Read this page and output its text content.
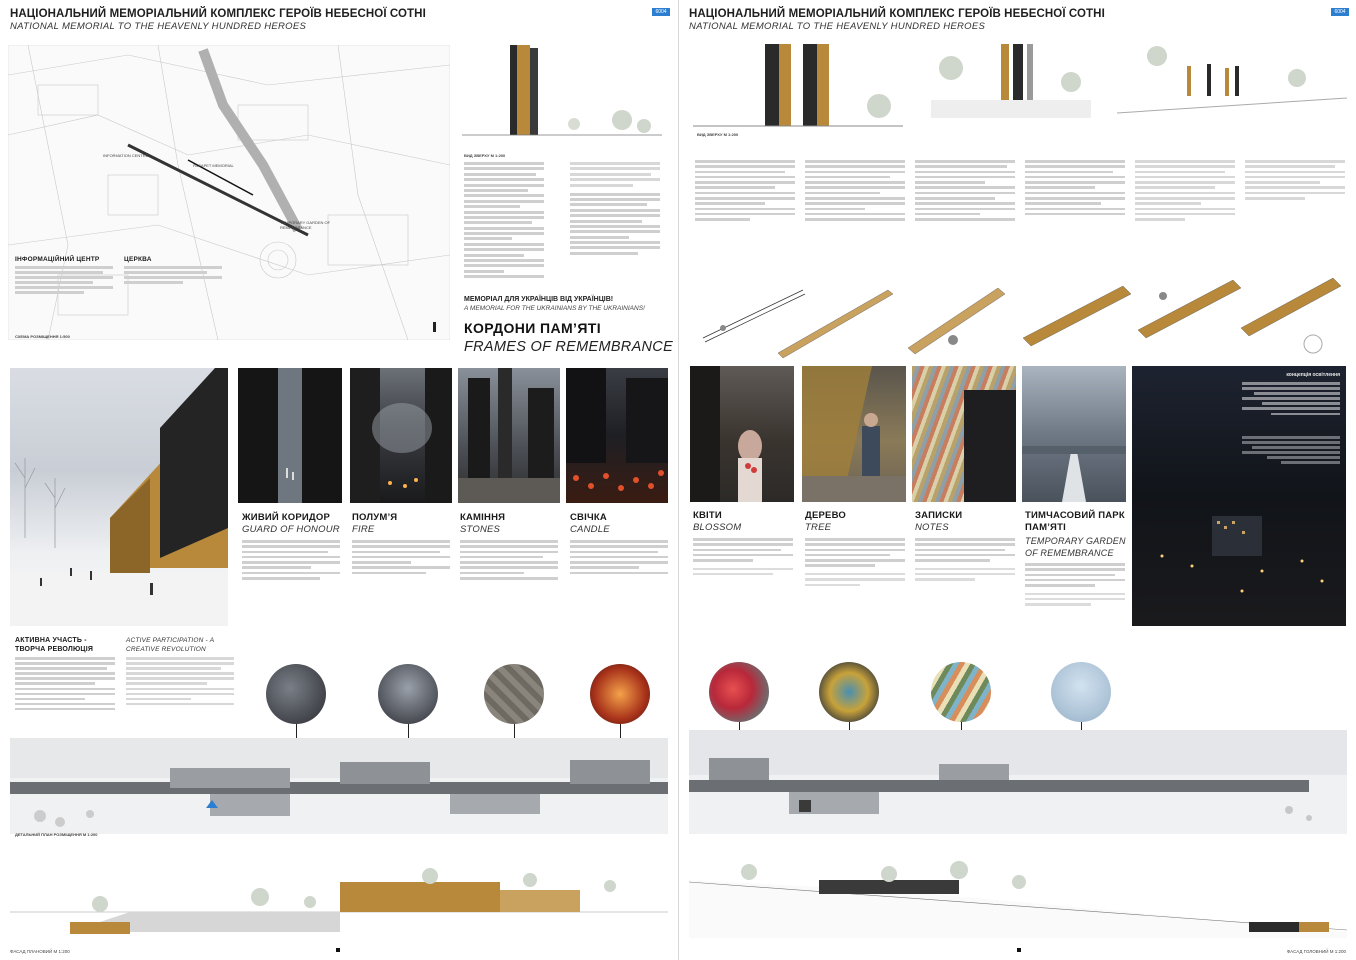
НАЦІОНАЛЬНИЙ МЕМОРІАЛЬНИЙ КОМПЛЕКС ГЕРОЇВ НЕБЕСНОЇ СОТНІ
NATIONAL MEMORIAL TO THE HEAVENLY HUNDRED HEROES
6004
INFORMATION CENTRE
PARAPET MEMORIAL
TEMPORARY GARDEN OF REMEMBRANCE
ІНФОРМАЦІЙНИЙ ЦЕНТР	ЦЕРКВА
СХЕМА РОЗМІЩЕННЯ 1:500
ВИД ЗВЕРХУ М 1:200
МЕМОРІАЛ ДЛЯ УКРАЇНЦІВ ВІД УКРАЇНЦІВ!
A MEMORIAL FOR THE UKRAINIANS BY THE UKRAINIANS!
КОРДОНИ ПАМ’ЯТІ
FRAMES OF REMEMBRANCE
ЖИВИЙ КОРИДОР
GUARD OF HONOUR
ПОЛУМ’Я
FIRE
КАМІННЯ
STONES
СВІЧКА
CANDLE
АКТИВНА УЧАСТЬ - ТВОРЧА РЕВОЛЮЦІЯ
ACTIVE PARTICIPATION - A CREATIVE REVOLUTION
ДЕТАЛЬНИЙ ПЛАН РОЗМІЩЕННЯ М 1:200
ФАСАД ПЛАНОВИЙ М 1:200
НАЦІОНАЛЬНИЙ МЕМОРІАЛЬНИЙ КОМПЛЕКС ГЕРОЇВ НЕБЕСНОЇ СОТНІ
NATIONAL MEMORIAL TO THE HEAVENLY HUNDRED HEROES
6004
ВИД ЗВЕРХУ М 1:200
концепція освітлення
КВІТИ
BLOSSOM
ДЕРЕВО
TREE
ЗАПИСКИ
NOTES
ТИМЧАСОВИЙ ПАРК ПАМ’ЯТІ
TEMPORARY GARDEN OF REMEMBRANCE
ФАСАД ГОЛОВНИЙ М 1:200
